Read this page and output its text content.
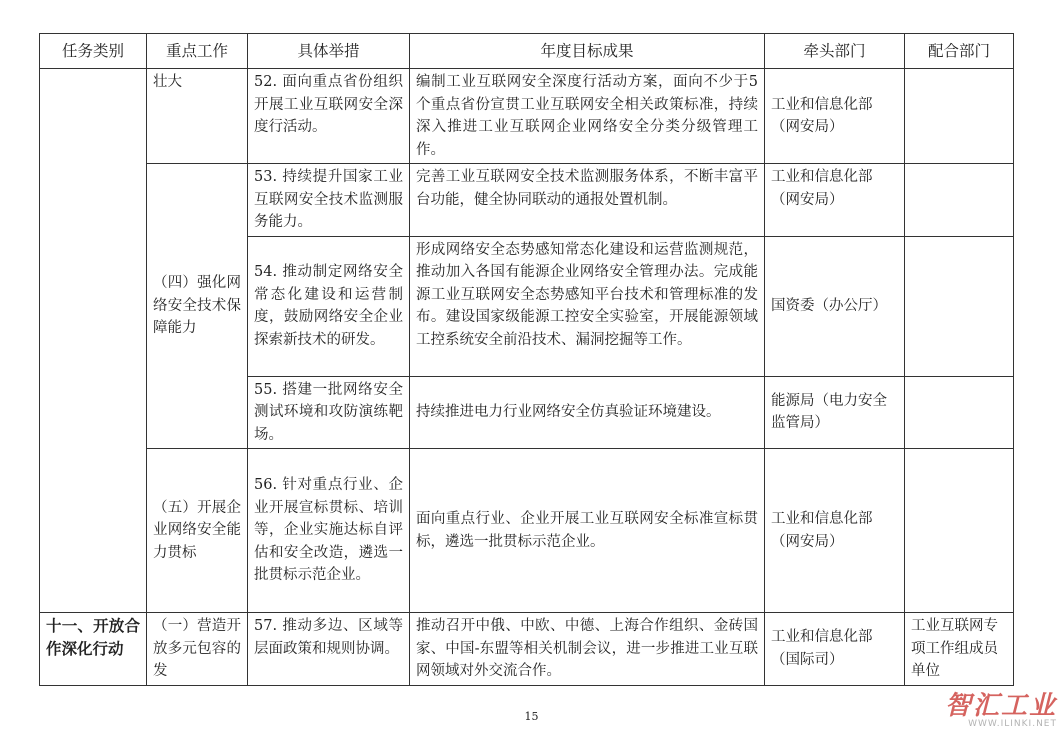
任务类别	重点工作	具体举措	年度目标成果	牵头部门	配合部门
	壮大	52. 面向重点省份组织开展工业互联网安全深度行活动。	编制工业互联网安全深度行活动方案，面向不少于5个重点省份宣贯工业互联网安全相关政策标准，持续深入推进工业互联网企业网络安全分类分级管理工作。	工业和信息化部（网安局）	
	（四）强化网络安全技术保障能力	53. 持续提升国家工业互联网安全技术监测服务能力。	完善工业互联网安全技术监测服务体系，不断丰富平台功能，健全协同联动的通报处置机制。	工业和信息化部（网安局）	
		54. 推动制定网络安全常态化建设和运营制度，鼓励网络安全企业探索新技术的研发。	形成网络安全态势感知常态化建设和运营监测规范，推动加入各国有能源企业网络安全管理办法。完成能源工业互联网安全态势感知平台技术和管理标准的发布。建设国家级能源工控安全实验室，开展能源领域工控系统安全前沿技术、漏洞挖掘等工作。	国资委（办公厅）	
		55. 搭建一批网络安全测试环境和攻防演练靶场。	持续推进电力行业网络安全仿真验证环境建设。	能源局（电力安全监管局）	
	（五）开展企业网络安全能力贯标	56. 针对重点行业、企业开展宣标贯标、培训等，企业实施达标自评估和安全改造，遴选一批贯标示范企业。	面向重点行业、企业开展工业互联网安全标准宣标贯标，遴选一批贯标示范企业。	工业和信息化部（网安局）	
十一、开放合作深化行动	（一）营造开放多元包容的发	57. 推动多边、区域等层面政策和规则协调。	推动召开中俄、中欧、中德、上海合作组织、金砖国家、中国-东盟等相关机制会议，进一步推进工业互联网领域对外交流合作。	工业和信息化部（国际司）	工业互联网专项工作组成员单位
15	智汇工业
WWW.ILINKI.NET
